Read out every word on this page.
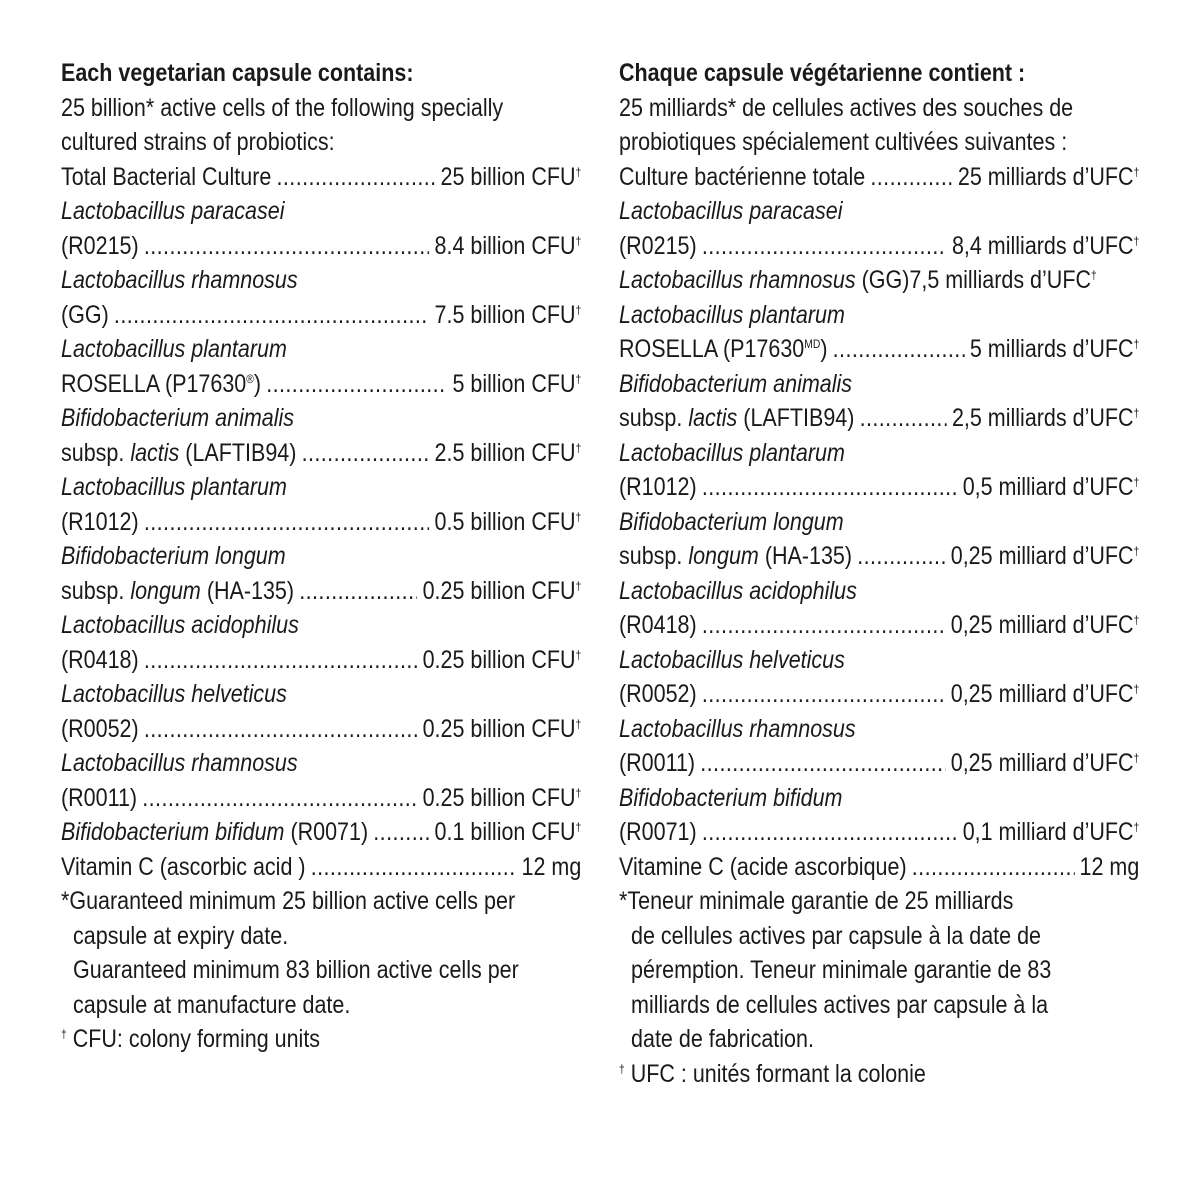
Each vegetarian capsule contains:
25 billion* active cells of the following specially
cultured strains of probiotics:
Total Bacterial Culture .....	25 billion CFU†
Lactobacillus paracasei
(R0215) .....	8.4 billion CFU†
Lactobacillus rhamnosus
(GG) .....	7.5 billion CFU†
Lactobacillus plantarum
ROSELLA (P17630®) .....	5 billion CFU†
Bifidobacterium animalis
subsp. lactis (LAFTIB94) .....	2.5 billion CFU†
Lactobacillus plantarum
(R1012) .....	0.5 billion CFU†
Bifidobacterium longum
subsp. longum (HA-135) .....	0.25 billion CFU†
Lactobacillus acidophilus
(R0418) .....	0.25 billion CFU†
Lactobacillus helveticus
(R0052) .....	0.25 billion CFU†
Lactobacillus rhamnosus
(R0011) .....	0.25 billion CFU†
Bifidobacterium bifidum (R0071) .....	0.1 billion CFU†
Vitamin C (ascorbic acid ) .....	12 mg
*Guaranteed minimum 25 billion active cells per
capsule at expiry date.
Guaranteed minimum 83 billion active cells per
capsule at manufacture date.
† CFU: colony forming units
Chaque capsule végétarienne contient :
25 milliards* de cellules actives des souches de
probiotiques spécialement cultivées suivantes :
Culture bactérienne totale .....	25 milliards d’UFC†
Lactobacillus paracasei
(R0215) .....	8,4 milliards d’UFC†
Lactobacillus rhamnosus (GG) 7,5 milliards d’UFC†
Lactobacillus plantarum
ROSELLA $(P17630^{MD})$ .....	5 milliards d’UFC†
Bifidobacterium animalis
subsp. lactis (LAFTIB94) .....	2,5 milliards d’UFC†
Lactobacillus plantarum
(R1012) .....	0,5 milliard d’UFC†
Bifidobacterium longum
subsp. longum (HA-135) .....	0,25 milliard d’UFC†
Lactobacillus acidophilus
(R0418) .....	0,25 milliard d’UFC†
Lactobacillus helveticus
(R0052) .....	0,25 milliard d’UFC†
Lactobacillus rhamnosus
(R0011) .....	0,25 milliard d’UFC†
Bifidobacterium bifidum
(R0071) .....	0,1 milliard d’UFC†
Vitamine C (acide ascorbique) .....	12 mg
*Teneur minimale garantie de 25 milliards
de cellules actives par capsule à la date de
péremption. Teneur minimale garantie de 83
milliards de cellules actives par capsule à la
date de fabrication.
† UFC : unités formant la colonie
